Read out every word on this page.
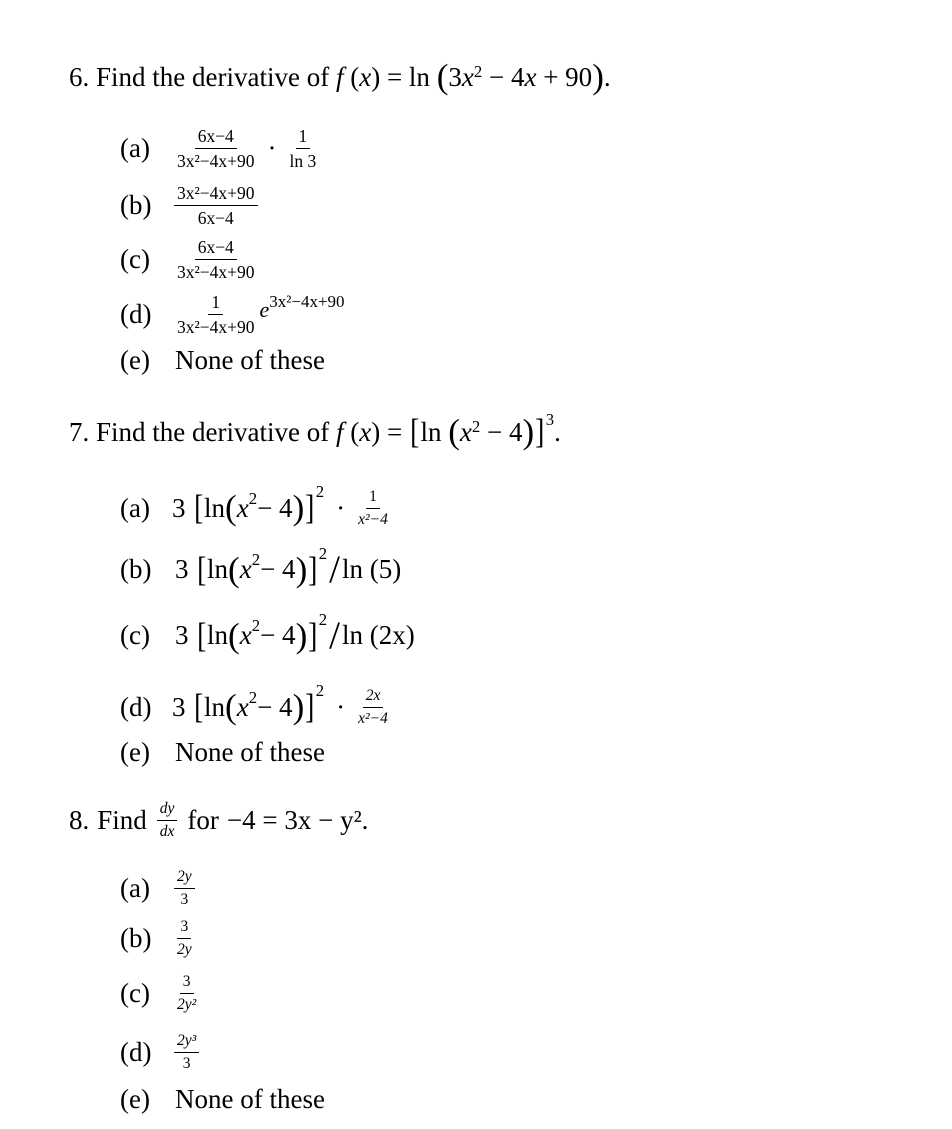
6. Find the derivative of f $(x) = \ln (3x^2 - 4x + 90)$.
(a)	$\frac{6x-4}{\text{3x²−4x+90}} \cdot \frac{1}{\ln 3}$
(b)	$\frac{\text{3x²−4x+90}}{6x-4}$
(c)	$\frac{6x-4}{\text{3x²−4x+90}}$
(d)	$\frac{1}{\text{3x²−4x+90}} e^{3x^2-4x+90}$
(e) None of these
7. Find the derivative of f (x) = [ln $(x^2 - 4)]^3$.
(a) 3 [ ln ( $x^2 - 4$ ) ]$^2$
· $\frac{1}{\text{x²−4}}$
(b) 3 [ ln ( $x^2 - 4$ ) ]$^2$ / ln (5)
(c) 3 [ ln ( $x^2 - 4$ ) ]$^2$ / ln (2x)
(d) 3 [ ln ( $x^2 - 4$ ) ]$^2$
· $\frac{2x}{\text{x²−4}}$
(e) None of these
8. Find $\frac{dy}{dx}$ for −4 = 3x − y².
(a)	$\frac{2y}{3}$
(b)	$\frac{3}{2y}$
(c)	$\frac{3}{\text{2y²}}$
(d)	$\frac{\text{2y³}}{3}$
(e) None of these
